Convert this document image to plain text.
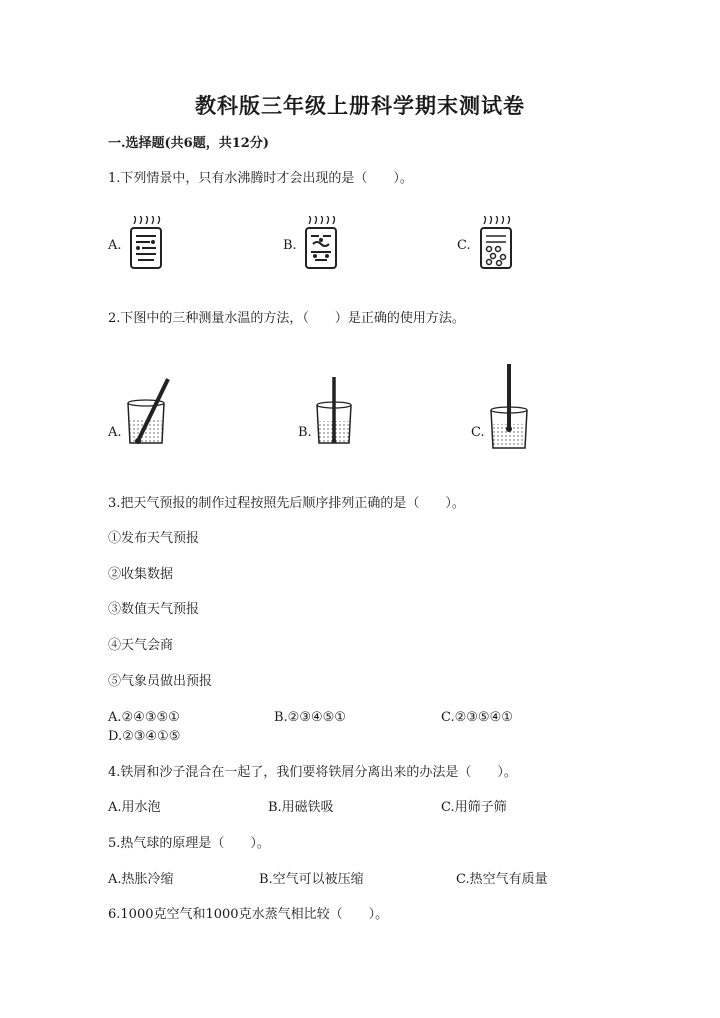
教科版三年级上册科学期末测试卷
一.选择题(共6题，共12分)
1.下列情景中，只有水沸腾时才会出现的是（　　）。
A.	B.	C.
2.下图中的三种测量水温的方法，（　　）是正确的使用方法。
A.	B.	C.
3.把天气预报的制作过程按照先后顺序排列正确的是（　　）。
①发布天气预报
②收集数据
③数值天气预报
④天气会商
⑤气象员做出预报
A.②④③⑤①	B.②③④⑤①	C.②③⑤④①
D.②③④①⑤
4.铁屑和沙子混合在一起了，我们要将铁屑分离出来的办法是（　　）。
A.用水泡	B.用磁铁吸	C.用筛子筛
5.热气球的原理是（　　）。
A.热胀冷缩	B.空气可以被压缩	C.热空气有质量
6.1000克空气和1000克水蒸气相比较（　　）。
